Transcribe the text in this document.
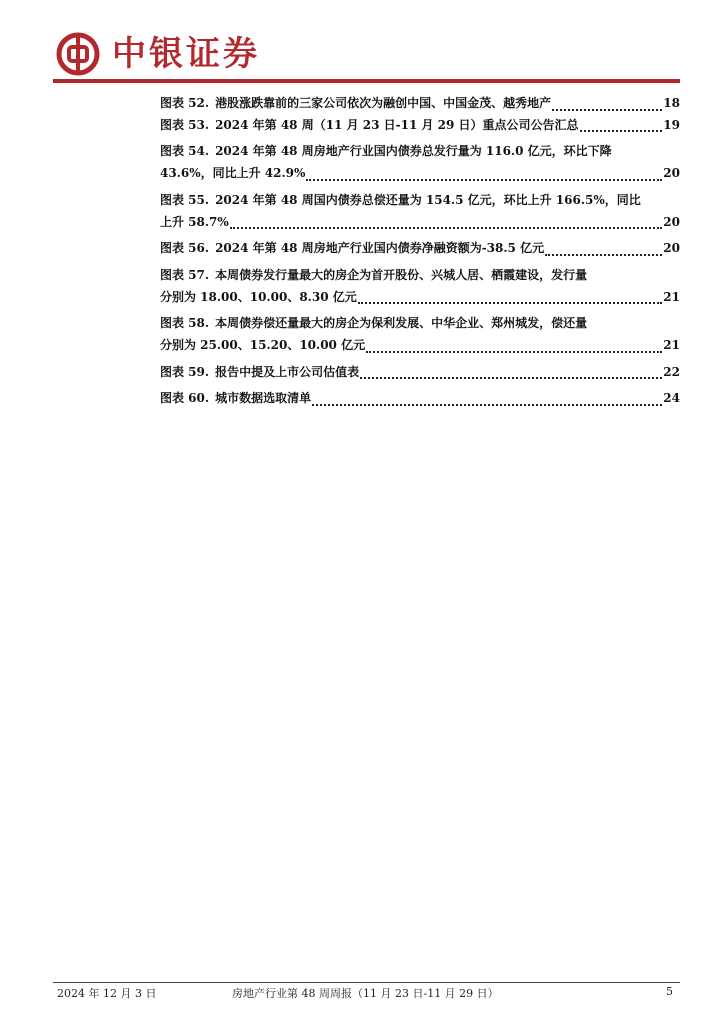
中银证券
图表 52. 港股涨跌靠前的三家公司依次为融创中国、中国金茂、越秀地产	18
图表 53. 2024 年第 48 周（11 月 23 日-11 月 29 日）重点公司公告汇总	19
图表 54. 2024 年第 48 周房地产行业国内债券总发行量为 116.0 亿元，环比下降
43.6%，同比上升 42.9%	20
图表 55. 2024 年第 48 周国内债券总偿还量为 154.5 亿元，环比上升 166.5%，同比
上升 58.7%	20
图表 56. 2024 年第 48 周房地产行业国内债券净融资额为-38.5 亿元	20
图表 57. 本周债券发行量最大的房企为首开股份、兴城人居、栖霞建设，发行量
分别为 18.00、10.00、8.30 亿元	21
图表 58. 本周债券偿还量最大的房企为保利发展、中华企业、郑州城发，偿还量
分别为 25.00、15.20、10.00 亿元	21
图表 59. 报告中提及上市公司估值表	22
图表 60. 城市数据选取清单	24
2024 年 12 月 3 日	房地产行业第 48 周周报（11 月 23 日-11 月 29 日）	5
